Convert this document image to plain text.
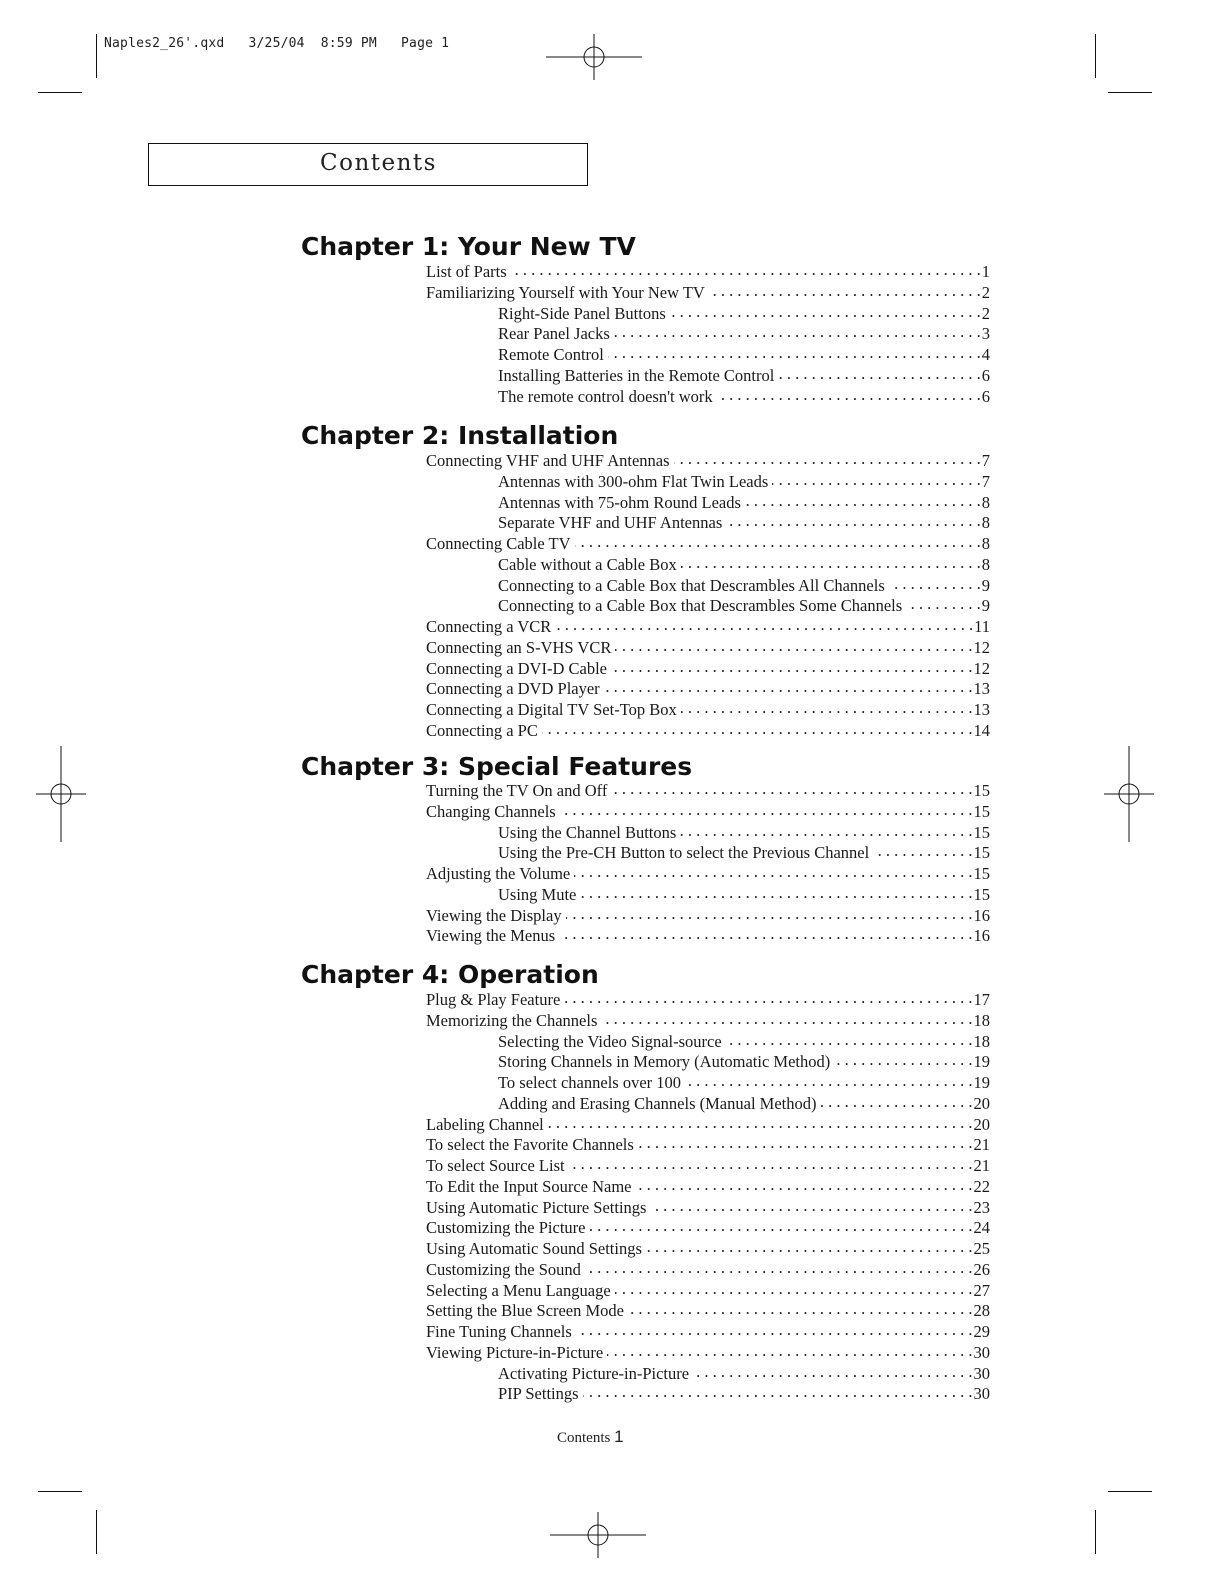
Naples2_26'.qxd 3/25/04 8:59 PM Page 1
Contents
Chapter 1: Your New TV
List of Parts . . .	1
Familiarizing Yourself with Your New TV . . .	2
Right-Side Panel Buttons . . .	2
Rear Panel Jacks . . .	3
Remote Control . . .	4
Installing Batteries in the Remote Control . . .	6
The remote control doesn't work . . .	6
Chapter 2: Installation
Connecting VHF and UHF Antennas . . .	7
Antennas with 300-ohm Flat Twin Leads . . .	7
Antennas with 75-ohm Round Leads . . .	8
Separate VHF and UHF Antennas . . .	8
Connecting Cable TV . . .	8
Cable without a Cable Box . . .	8
Connecting to a Cable Box that Descrambles All Channels . . .	9
Connecting to a Cable Box that Descrambles Some Channels . . .	9
Connecting a VCR . . .	11
Connecting an S-VHS VCR . . .	12
Connecting a DVI-D Cable . . .	12
Connecting a DVD Player . . .	13
Connecting a Digital TV Set-Top Box . . .	13
Connecting a PC . . .	14
Chapter 3: Special Features
Turning the TV On and Off . . .	15
Changing Channels . . .	15
Using the Channel Buttons . . .	15
Using the Pre-CH Button to select the Previous Channel . . .	15
Adjusting the Volume . . .	15
Using Mute . . .	15
Viewing the Display . . .	16
Viewing the Menus . . .	16
Chapter 4: Operation
Plug & Play Feature . . .	17
Memorizing the Channels . . .	18
Selecting the Video Signal-source . . .	18
Storing Channels in Memory (Automatic Method) . . .	19
To select channels over 100 . . .	19
Adding and Erasing Channels (Manual Method) . . .	20
Labeling Channel . . .	20
To select the Favorite Channels . . .	21
To select Source List . . .	21
To Edit the Input Source Name . . .	22
Using Automatic Picture Settings . . .	23
Customizing the Picture . . .	24
Using Automatic Sound Settings . . .	25
Customizing the Sound . . .	26
Selecting a Menu Language . . .	27
Setting the Blue Screen Mode . . .	28
Fine Tuning Channels . . .	29
Viewing Picture-in-Picture . . .	30
Activating Picture-in-Picture . . .	30
PIP Settings . . .	30
Contents 1
